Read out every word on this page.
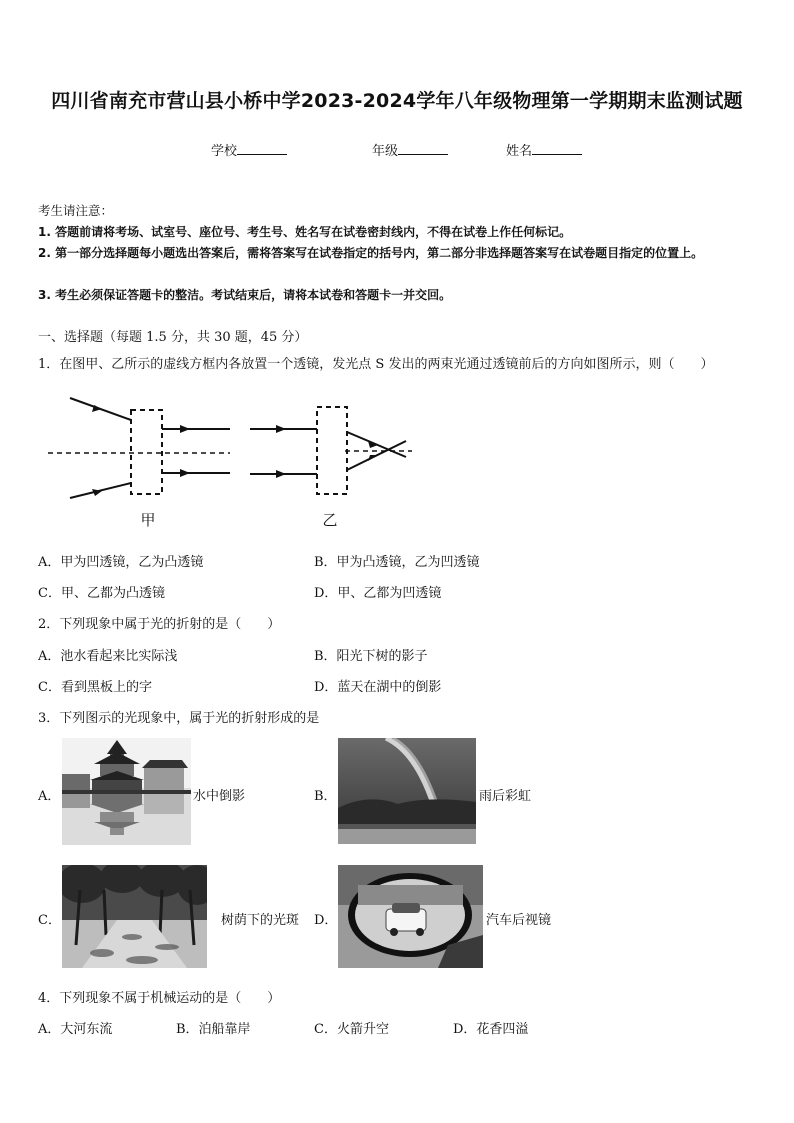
四川省南充市营山县小桥中学2023-2024学年八年级物理第一学期期末监测试题
学校	年级	姓名
考生请注意：
1. 答题前请将考场、试室号、座位号、考生号、姓名写在试卷密封线内，不得在试卷上作任何标记。
2. 第一部分选择题每小题选出答案后，需将答案写在试卷指定的括号内，第二部分非选择题答案写在试卷题目指定的位置上。
3. 考生必须保证答题卡的整洁。考试结束后，请将本试卷和答题卡一并交回。
一、选择题（每题 1.5 分，共 30 题，45 分）
1．在图甲、乙所示的虚线方框内各放置一个透镜，发光点 S 发出的两束光通过透镜前后的方向如图所示，则（　　）
甲	乙
A．甲为凹透镜，乙为凸透镜	B．甲为凸透镜，乙为凹透镜
C．甲、乙都为凸透镜	D．甲、乙都为凹透镜
2．下列现象中属于光的折射的是（　　）
A．池水看起来比实际浅	B．阳光下树的影子
C．看到黑板上的字	D．蓝天在湖中的倒影
3．下列图示的光现象中，属于光的折射形成的是
A．	水中倒影	B．	雨后彩虹
C．	树荫下的光斑 D．	汽车后视镜
4．下列现象不属于机械运动的是（　　）
A．大河东流	B．泊船靠岸	C．火箭升空	D．花香四溢
